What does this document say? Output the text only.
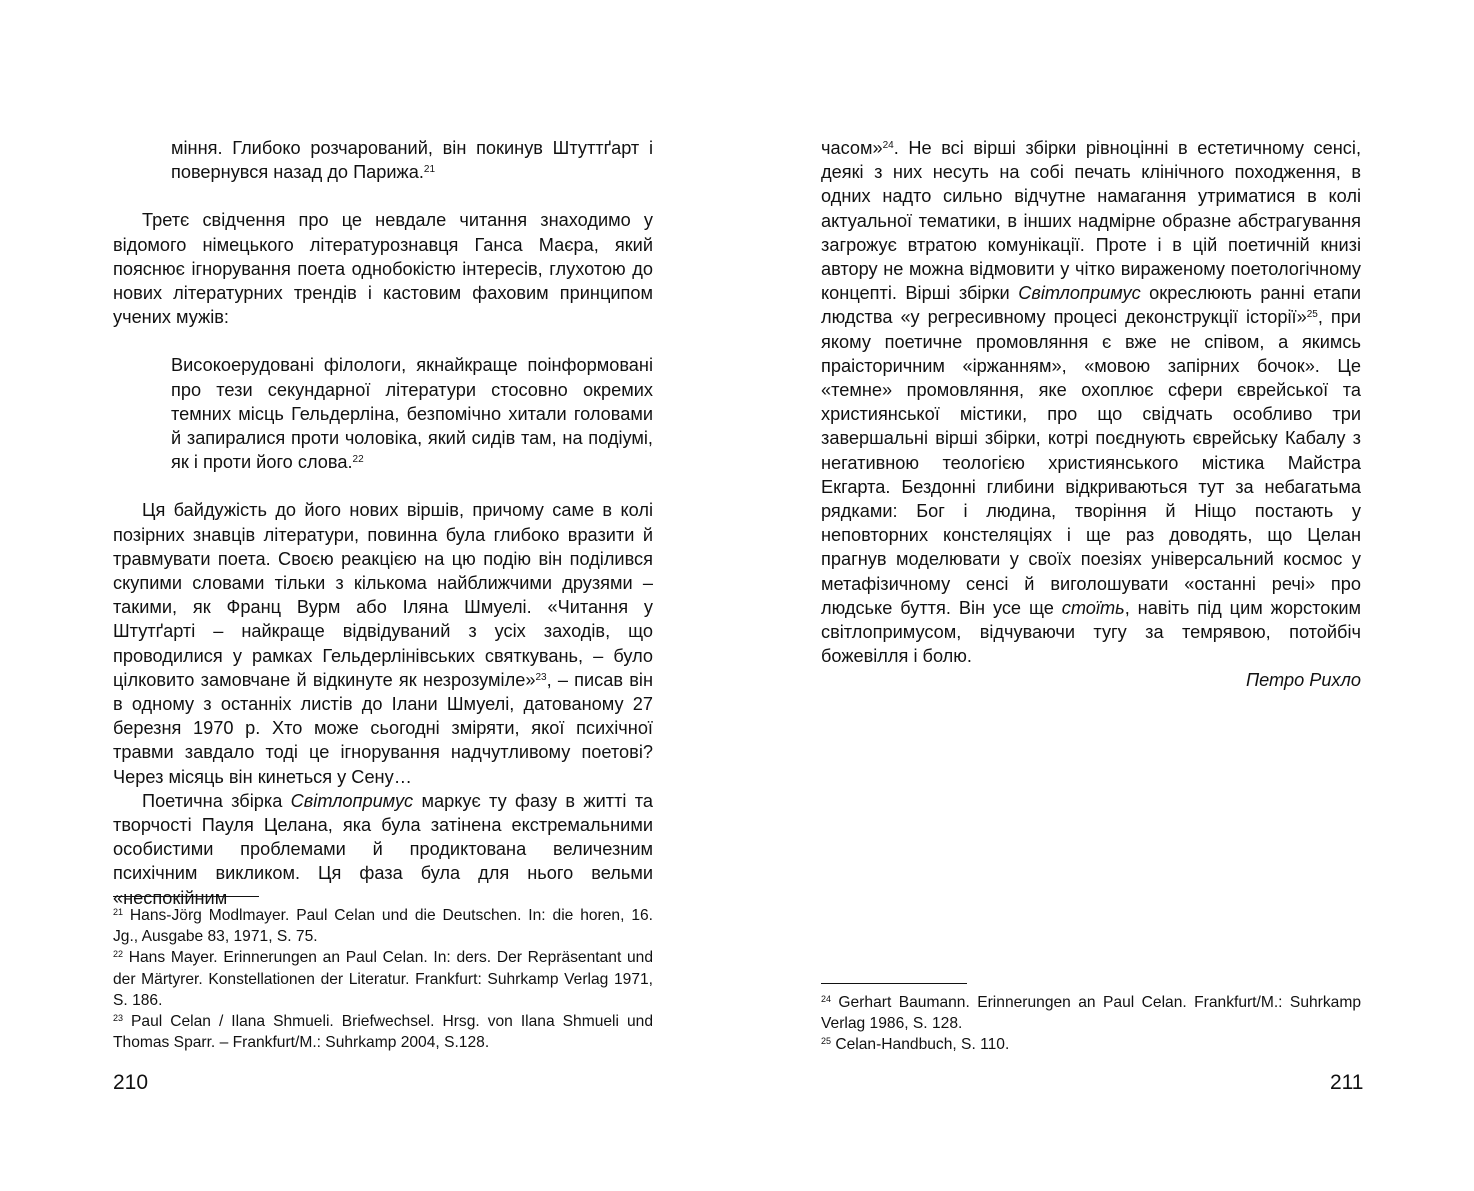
міння. Глибоко розчарований, він покинув Штуттґарт і повернувся назад до Парижа.$^{21}$

Третє свідчення про це невдале читання знаходимо у відомого німецького літературознавця Ганса Маєра, який пояснює ігнорування поета однобокістю інтересів, глухотою до нових літературних трендів і кастовим фаховим принципом учених мужів:

Високоерудовані філологи, якнайкраще поінформовані про тези секундарної літератури стосовно окремих темних місць Гельдерліна, безпомічно хитали головами й запиралися проти чоловіка, який сидів там, на подіумі, як і проти його слова.$^{22}$

Ця байдужість до його нових віршів, причому саме в колі позірних знавців літератури, повинна була глибоко вразити й травмувати поета. Своєю реакцією на цю подію він поділився скупими словами тільки з кількома найближчими друзями – такими, як Франц Вурм або Іляна Шмуелі. «Читання у Штутґарті – найкраще відвідуваний з усіх заходів, що проводилися у рамках Гельдерлінівських святкувань, – було цілковито замовчане й відкинуте як незрозуміле»$^{23}$, – писав він в одному з останніх листів до Ілани Шмуелі, датованому 27 березня 1970 р. Хто може сьогодні зміряти, якої психічної травми завдало тоді це ігнорування надчутливому поетові? Через місяць він кинеться у Сену…

Поетична збірка Світлопримус маркує ту фазу в житті та творчості Пауля Целана, яка була затінена екстремальними особистими проблемами й продиктована величезним психічним викликом. Ця фаза була для нього вельми «неспокійним

$^{21}$ Hans-Jörg Modlmayer. Paul Celan und die Deutschen. In: die horen, 16. Jg., Ausgabe 83, 1971, S. 75.

$^{22}$ Hans Mayer. Erinnerungen an Paul Celan. In: ders. Der Repräsentant und der Märtyrer. Konstellationen der Literatur. Frankfurt: Suhrkamp Verlag 1971, S. 186.

$^{23}$ Paul Celan / Ilana Shmueli. Briefwechsel. Hrsg. von Ilana Shmueli und Thomas Sparr. – Frankfurt/M.: Suhrkamp 2004, S.128.

210

часом»$^{24}$. Не всі вірші збірки рівноцінні в естетичному сенсі, деякі з них несуть на собі печать клінічного походження, в одних надто сильно відчутне намагання утриматися в колі актуальної тематики, в інших надмірне образне абстрагування загрожує втратою комунікації. Проте і в цій поетичній книзі автору не можна відмовити у чітко вираженому поетологічному концепті. Вірші збірки Світлопримус окреслюють ранні етапи людства «у регресивному процесі деконструкції історії»$^{25}$, при якому поетичне промовляння є вже не співом, а якимсь праісторичним «іржанням», «мовою запірних бочок». Це «темне» промовляння, яке охоплює сфери єврейської та християнської містики, про що свідчать особливо три завершальні вірші збірки, котрі поєднують єврейську Кабалу з негативною теологією християнського містика Майстра Екгарта. Бездонні глибини відкриваються тут за небагатьма рядками: Бог і людина, творіння й Ніщо постають у неповторних констеляціях і ще раз доводять, що Целан прагнув моделювати у своїх поезіях універсальний космос у метафізичному сенсі й виголошувати «останні речі» про людське буття. Він усе ще стоїть, навіть під цим жорстоким світлопримусом, відчуваючи тугу за темрявою, потойбіч божевілля і болю.

Петро Рихло

$^{24}$ Gerhart Baumann. Erinnerungen an Paul Celan. Frankfurt/M.: Suhrkamp Verlag 1986, S. 128.

$^{25}$ Celan-Handbuch, S. 110.

211
